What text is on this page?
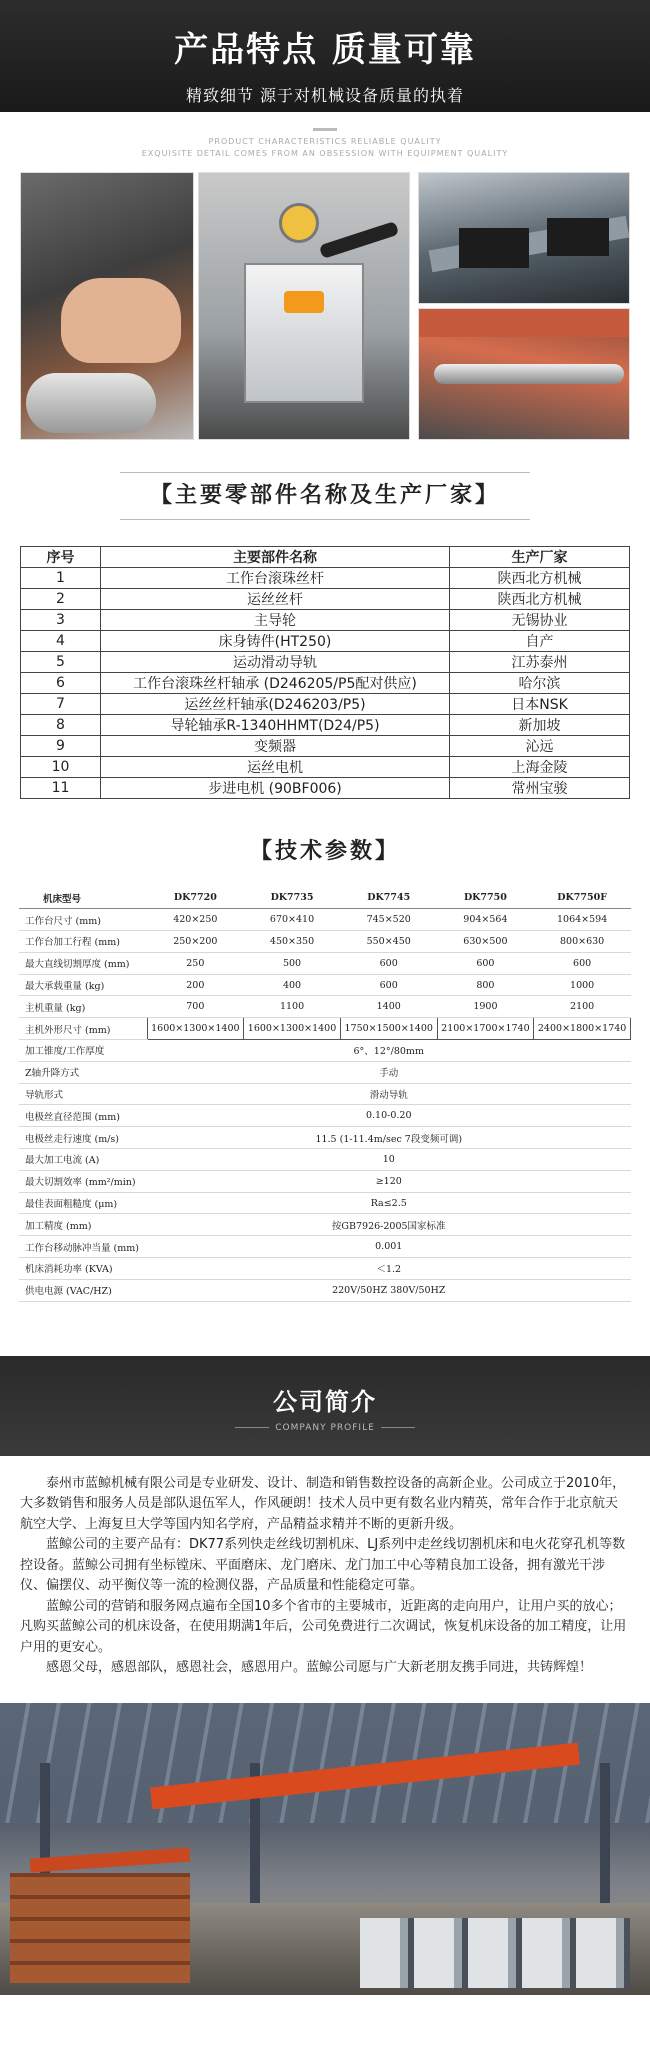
产品特点 质量可靠

精致细节 源于对机械设备质量的执着

PRODUCT CHARACTERISTICS RELIABLE QUALITY
EXQUISITE DETAIL COMES FROM AN OBSESSION WITH EQUIPMENT QUALITY
【主要零部件名称及生产厂家】
序号	主要部件名称	生产厂家
1	工作台滚珠丝杆	陕西北方机械
2	运丝丝杆	陕西北方机械
3	主导轮	无锡协业
4	床身铸件(HT250)	自产
5	运动滑动导轨	江苏泰州
6	工作台滚珠丝杆轴承 (D246205/P5配对供应)	哈尔滨
7	运丝丝杆轴承(D246203/P5)	日本NSK
8	导轮轴承R-1340HHMT(D24/P5)	新加坡
9	变频器	沁远
10	运丝电机	上海金陵
11	步进电机 (90BF006)	常州宝骏
【技术参数】
机床型号	DK7720	DK7735	DK7745	DK7750	DK7750F
工作台尺寸 (mm)	420×250	670×410	745×520	904×564	1064×594
工作台加工行程 (mm)	250×200	450×350	550×450	630×500	800×630
最大直线切割厚度 (mm)	250	500	600	600	600
最大承载重量 (kg)	200	400	600	800	1000
主机重量 (kg)	700	1100	1400	1900	2100
主机外形尺寸 (mm)	1600×1300×1400	1600×1300×1400	1750×1500×1400	2100×1700×1740	2400×1800×1740
加工锥度/工作厚度	6°、12°/80mm				
Z轴升降方式	手动				
导轨形式	滑动导轨				
电极丝直径范围 (mm)	0.10-0.20				
电极丝走行速度 (m/s)	11.5 (1-11.4m/sec 7段变频可调)				
最大加工电流 (A)	10				
最大切割效率 (mm²/min)	≥120				
最佳表面粗糙度 (μm)	Ra≤2.5				
加工精度 (mm)	按GB7926-2005国家标准				
工作台移动脉冲当量 (mm)	0.001				
机床消耗功率 (KVA)	＜1.2				
供电电源 (VAC/HZ)	220V/50HZ 380V/50HZ				
公司简介
COMPANY PROFILE

泰州市蓝鲸机械有限公司是专业研发、设计、制造和销售数控设备的高新企业。公司成立于2010年，大多数销售和服务人员是部队退伍军人，作风硬朗！技术人员中更有数名业内精英，常年合作于北京航天航空大学、上海复旦大学等国内知名学府，产品精益求精并不断的更新升级。

蓝鲸公司的主要产品有：DK77系列快走丝线切割机床、LJ系列中走丝线切割机床和电火花穿孔机等数控设备。蓝鲸公司拥有坐标镗床、平面磨床、龙门磨床、龙门加工中心等精良加工设备，拥有激光干涉仪、偏摆仪、动平衡仪等一流的检测仪器，产品质量和性能稳定可靠。

蓝鲸公司的营销和服务网点遍布全国10多个省市的主要城市，近距离的走向用户，让用户买的放心；凡购买蓝鲸公司的机床设备，在使用期满1年后，公司免费进行二次调试，恢复机床设备的加工精度，让用户用的更安心。

感恩父母，感恩部队，感恩社会，感恩用户。蓝鲸公司愿与广大新老朋友携手同进，共铸辉煌！
